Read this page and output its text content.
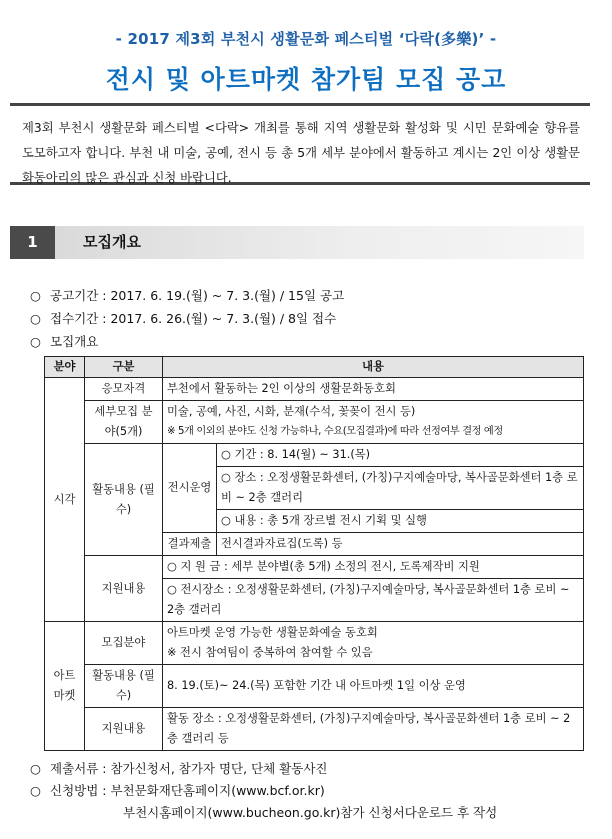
- 2017 제3회 부천시 생활문화 페스티벌 ‘다락(多樂)’ -
전시 및 아트마켓 참가팀 모집 공고
제3회 부천시 생활문화 페스티벌 <다락> 개최를 통해 지역 생활문화 활성화 및 시민 문화예술 향유를 도모하고자 합니다. 부천 내 미술, 공예, 전시 등 총 5개 세부 분야에서 활동하고 계시는 2인 이상 생활문화동아리의 많은 관심과 신청 바랍니다.
1	모집개요
○ 공고기간 : 2017. 6. 19.(월) ~ 7. 3.(월) / 15일 공고
○ 접수기간 : 2017. 6. 26.(월) ~ 7. 3.(월) / 8일 접수
○ 모집개요
분야	구분	내용	
시각	응모자격	부천에서 활동하는 2인 이상의 생활문화동호회	
	세부모집 분야(5개)	미술, 공예, 사진, 시화, 분재(수석, 꽃꽂이 전시 등)
※ 5개 이외의 분야도 신청 가능하나, 수요(모집결과)에 따라 선정여부 결정 예정	

	활동내용 (필수)	전시운영	○ 기간 : 8. 14(월) ~ 31.(목)
			○ 장소 : 오정생활문화센터, (가칭)구지예술마당, 복사골문화센터 1층 로비 ~ 2층 갤러리
			○ 내용 : 총 5개 장르별 전시 기획 및 실행
		결과제출	전시결과자료집(도록) 등
	지원내용	○ 지 원 금 : 세부 분야별(총 5개) 소정의 전시, 도록제작비 지원	
		○ 전시장소 : 오정생활문화센터, (가칭)구지예술마당, 복사골문화센터 1층 로비 ~ 2층 갤러리	
아트 마켓	모집분야	아트마켓 운영 가능한 생활문화예술 동호회
※ 전시 참여팀이 중복하여 참여할 수 있음	

	활동내용 (필수)	8. 19.(토)~ 24.(목) 포함한 기간 내 아트마켓 1일 이상 운영	
	지원내용	활동 장소 : 오정생활문화센터, (가칭)구지예술마당, 복사골문화센터 1층 로비 ~ 2층 갤러리 등	
○ 제출서류 : 참가신청서, 참가자 명단, 단체 활동사진
○ 신청방법 : 부천문화재단홈페이지(www.bcf.or.kr)
부천시홈페이지(www.bucheon.go.kr)참가 신청서다운로드 후 작성
